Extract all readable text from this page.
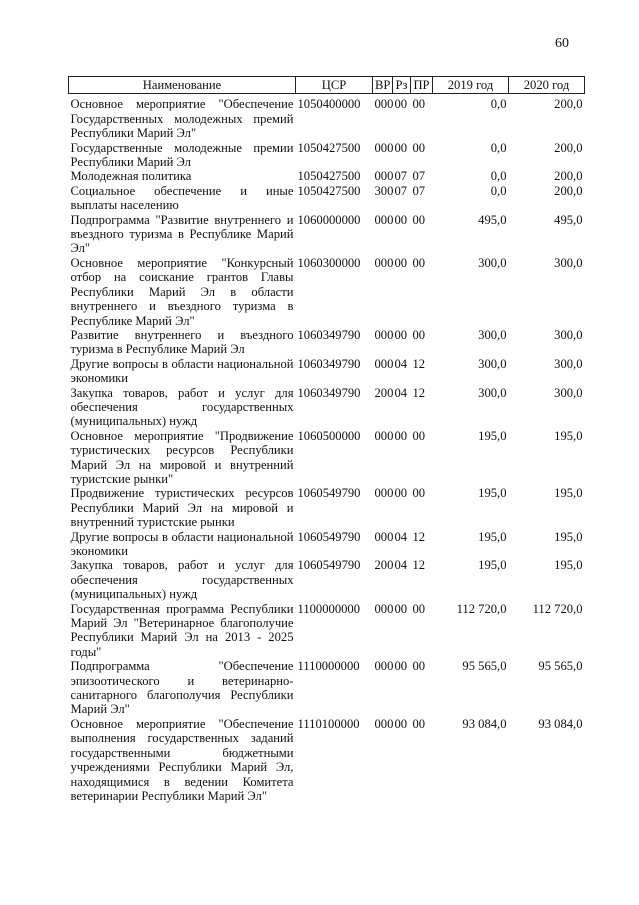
60
Наименование	ЦСР	ВР	Рз	ПР	2019 год	2020 год
Основное мероприятие "Обеспечение Государственных молодежных премий Республики Марий Эл"	1050400000	000	00	00	0,0	200,0
Государственные молодежные премии Республики Марий Эл	1050427500	000	00	00	0,0	200,0
Молодежная политика	1050427500	000	07	07	0,0	200,0
Социальное обеспечение и иные выплаты населению	1050427500	300	07	07	0,0	200,0
Подпрограмма "Развитие внутреннего и въездного туризма в Республике Марий Эл"	1060000000	000	00	00	495,0	495,0
Основное мероприятие "Конкурсный отбор на соискание грантов Главы Республики Марий Эл в области внутреннего и въездного туризма в Республике Марий Эл"	1060300000	000	00	00	300,0	300,0
Развитие внутреннего и въездного туризма в Республике Марий Эл	1060349790	000	00	00	300,0	300,0
Другие вопросы в области национальной экономики	1060349790	000	04	12	300,0	300,0
Закупка товаров, работ и услуг для обеспечения государственных (муниципальных) нужд	1060349790	200	04	12	300,0	300,0
Основное мероприятие "Продвижение туристических ресурсов Республики Марий Эл на мировой и внутренний туристские рынки"	1060500000	000	00	00	195,0	195,0
Продвижение туристических ресурсов Республики Марий Эл на мировой и внутренний туристские рынки	1060549790	000	00	00	195,0	195,0
Другие вопросы в области национальной экономики	1060549790	000	04	12	195,0	195,0
Закупка товаров, работ и услуг для обеспечения государственных (муниципальных) нужд	1060549790	200	04	12	195,0	195,0
Государственная программа Республики Марий Эл "Ветеринарное благополучие Республики Марий Эл на 2013 - 2025 годы"	1100000000	000	00	00	112 720,0	112 720,0
Подпрограмма "Обеспечение эпизоотического и ветеринарно-санитарного благополучия Республики Марий Эл"	1110000000	000	00	00	95 565,0	95 565,0
Основное мероприятие "Обеспечение выполнения государственных заданий государственными бюджетными учреждениями Республики Марий Эл, находящимися в ведении Комитета ветеринарии Республики Марий Эл"	1110100000	000	00	00	93 084,0	93 084,0
